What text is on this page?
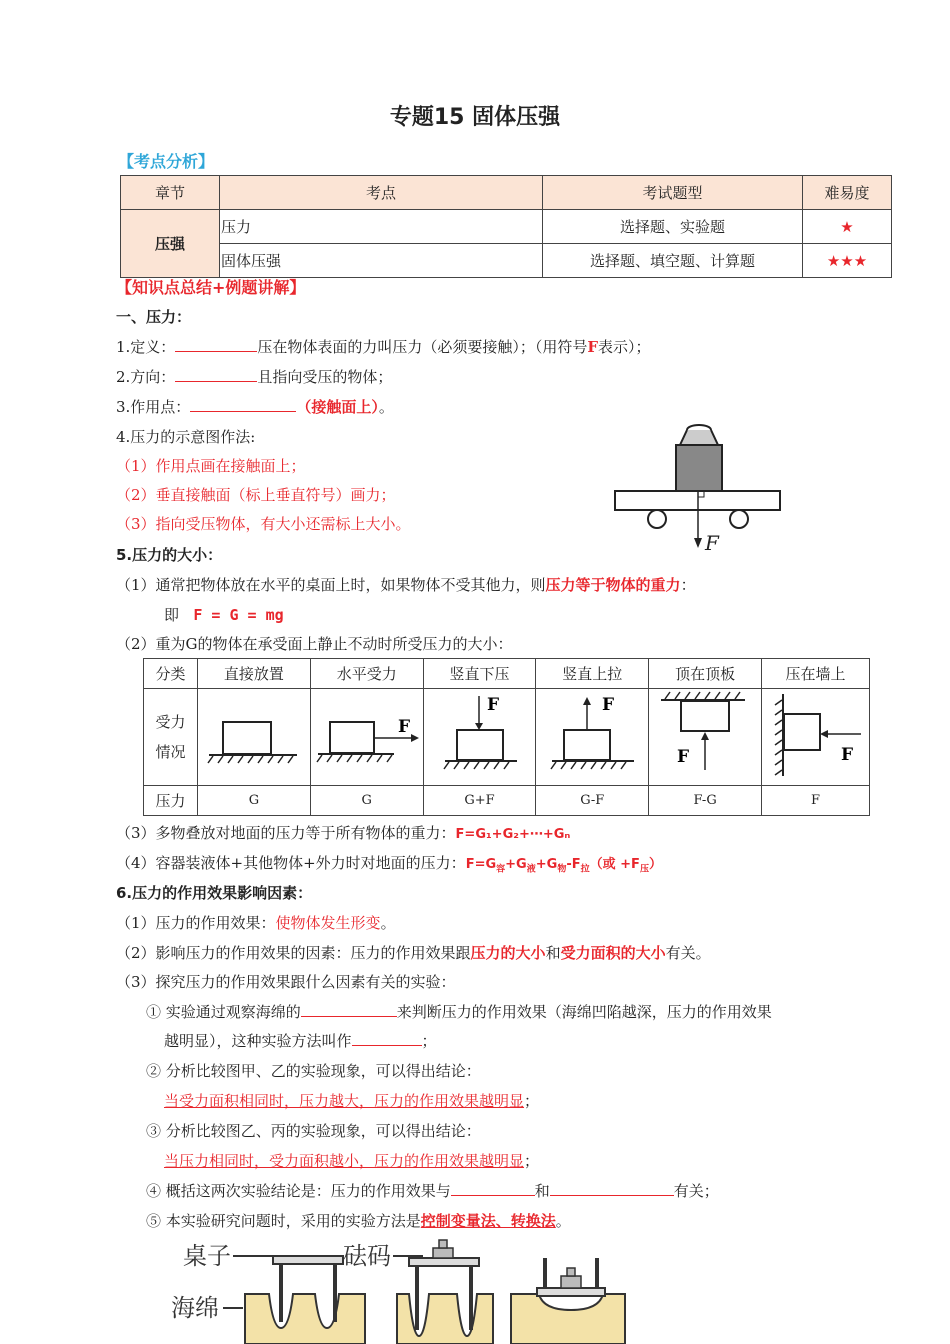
专题15 固体压强
【考点分析】
章节	考点	考试题型	难易度
压强	压力	选择题、实验题	★
	固体压强	选择题、填空题、计算题	★★★
【知识点总结+例题讲解】
一、压力：
1.定义：	压在物体表面的力叫压力（必须要接触）；（用符号F表示）；
2.方向：	且指向受压的物体；
3.作用点：	（接触面上）。
4.压力的示意图作法:
（1）作用点画在接触面上；
（2）垂直接触面（标上垂直符号）画力；
（3）指向受压物体，有大小还需标上大小。
F
5.压力的大小：
（1）通常把物体放在水平的桌面上时，如果物体不受其他力，则压力等于物体的重力：
即 F = G = mg
（2）重为G的物体在承受面上静止不动时所受压力的大小：
分类	直接放置	水平受力	竖直下压	竖直上拉	顶在顶板	压在墙上
受力
情况		F	F	F	F	F

压力	G	G	G+F	G-F	F-G	F
（3）多物叠放对地面的压力等于所有物体的重力：F=G₁+G₂+⋯+Gₙ
（4）容器装液体+其他物体+外力时对地面的压力：$F=G_容+G_液+G_物-F_拉$（或 $+F_压$）
6.压力的作用效果影响因素：
（1）压力的作用效果：使物体发生形变。
（2）影响压力的作用效果的因素：压力的作用效果跟压力的大小和受力面积的大小有关。
（3）探究压力的作用效果跟什么因素有关的实验：
① 实验通过观察海绵的	来判断压力的作用效果（海绵凹陷越深，压力的作用效果
越明显），这种实验方法叫作	；
② 分析比较图甲、乙的实验现象，可以得出结论：
当受力面积相同时，压力越大，压力的作用效果越明显；
③ 分析比较图乙、丙的实验现象，可以得出结论：
当压力相同时，受力面积越小，压力的作用效果越明显；
④ 概括这两次实验结论是：压力的作用效果与	和	有关；
⑤ 本实验研究问题时，采用的实验方法是控制变量法、转换法。
桌子	砝码
海绵
